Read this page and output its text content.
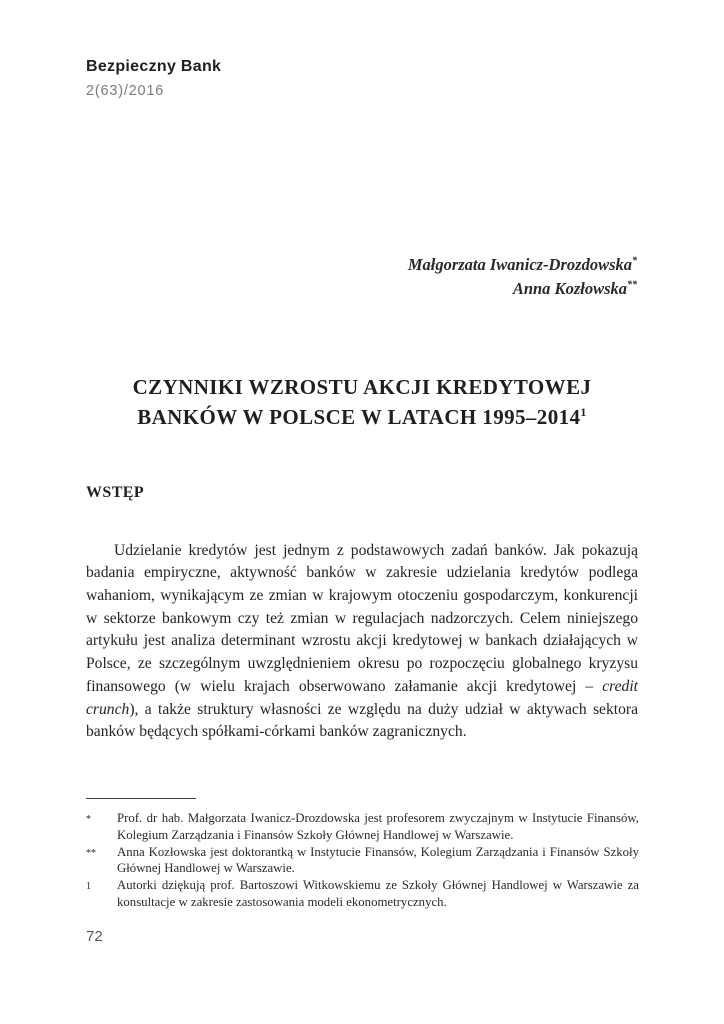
Bezpieczny Bank
2(63)/2016
Małgorzata Iwanicz-Drozdowska*
Anna Kozłowska**
CZYNNIKI WZROSTU AKCJI KREDYTOWEJ
BANKÓW W POLSCE W LATACH 1995–2014$^1$
WSTĘP

Udzielanie kredytów jest jednym z podstawowych zadań banków. Jak pokazują badania empiryczne, aktywność banków w zakresie udzielania kredytów podlega wahaniom, wynikającym ze zmian w krajowym otoczeniu gospodarczym, konkurencji w sektorze bankowym czy też zmian w regulacjach nadzorczych. Celem niniejszego artykułu jest analiza determinant wzrostu akcji kredytowej w bankach działających w Polsce, ze szczególnym uwzględnieniem okresu po rozpoczęciu globalnego kryzysu finansowego (w wielu krajach obserwowano załamanie akcji kredytowej – credit crunch), a także struktury własności ze względu na duży udział w aktywach sektora banków będących spółkami-córkami banków zagranicznych.

*	Prof. dr hab. Małgorzata Iwanicz-Drozdowska jest profesorem zwyczajnym w Instytucie Finansów, Kolegium Zarządzania i Finansów Szkoły Głównej Handlowej w Warszawie.
**	Anna Kozłowska jest doktorantką w Instytucie Finansów, Kolegium Zarządzania i Finansów Szkoły Głównej Handlowej w Warszawie.
1	Autorki dziękują prof. Bartoszowi Witkowskiemu ze Szkoły Głównej Handlowej w Warszawie za konsultacje w zakresie zastosowania modeli ekonometrycznych.
72
